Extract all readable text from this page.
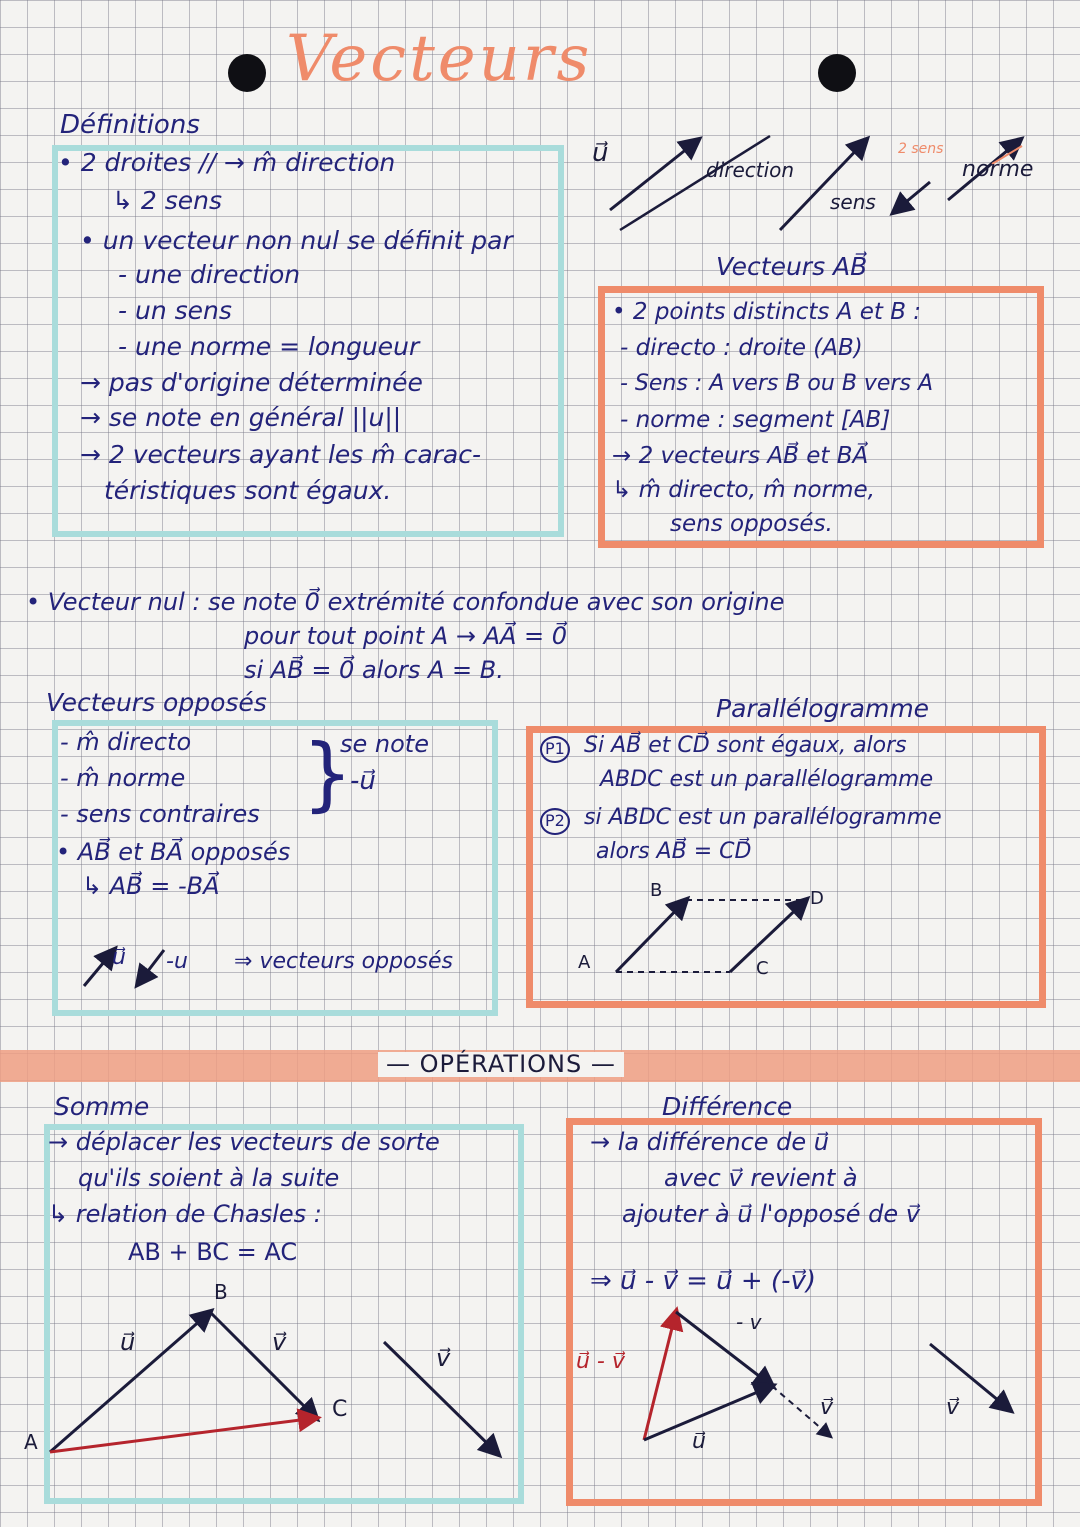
Vecteurs
Définitions
• 2 droites // → m̂ direction
↳ 2 sens
• un vecteur non nul se définit par
- une direction
- un sens
- une norme = longueur
→ pas d'origine déterminée
→ se note en général ||u||
→ 2 vecteurs ayant les m̂ carac-
téristiques sont égaux.
u⃗
direction
sens
2 sens
norme
Vecteurs AB⃗
• 2 points distincts A et B :
- directo : droite (AB)
- Sens : A vers B ou B vers A
- norme : segment [AB]
→ 2 vecteurs AB⃗ et BA⃗
↳ m̂ directo, m̂ norme,
sens opposés.
• Vecteur nul : se note 0⃗ extrémité confondue avec son origine
pour tout point A → AA⃗ = 0⃗
si AB⃗ = 0⃗ alors A = B.
Vecteurs opposés
- m̂ directo
- m̂ norme
- sens contraires }
se note
-u⃗
• AB⃗ et BA⃗ opposés
↳ AB⃗ = -BA⃗
u⃗ -u ⇒ vecteurs opposés
Parallélogramme
P1 Si AB⃗ et CD⃗ sont égaux, alors
ABDC est un parallélogramme
P2 si ABDC est un parallélogramme
alors AB⃗ = CD⃗
A
B
C
D
— OPÉRATIONS —
Somme
→ déplacer les vecteurs de sorte
qu'ils soient à la suite
↳ relation de Chasles :
AB + BC = AC
A
B
C
u⃗	v⃗
v⃗
Différence
→ la différence de u⃗
avec v⃗ revient à
ajouter à u⃗ l'opposé de v⃗
⇒ u⃗ - v⃗ = u⃗ + (-v⃗)
u⃗ - v⃗
- v
u⃗
v⃗	v⃗
